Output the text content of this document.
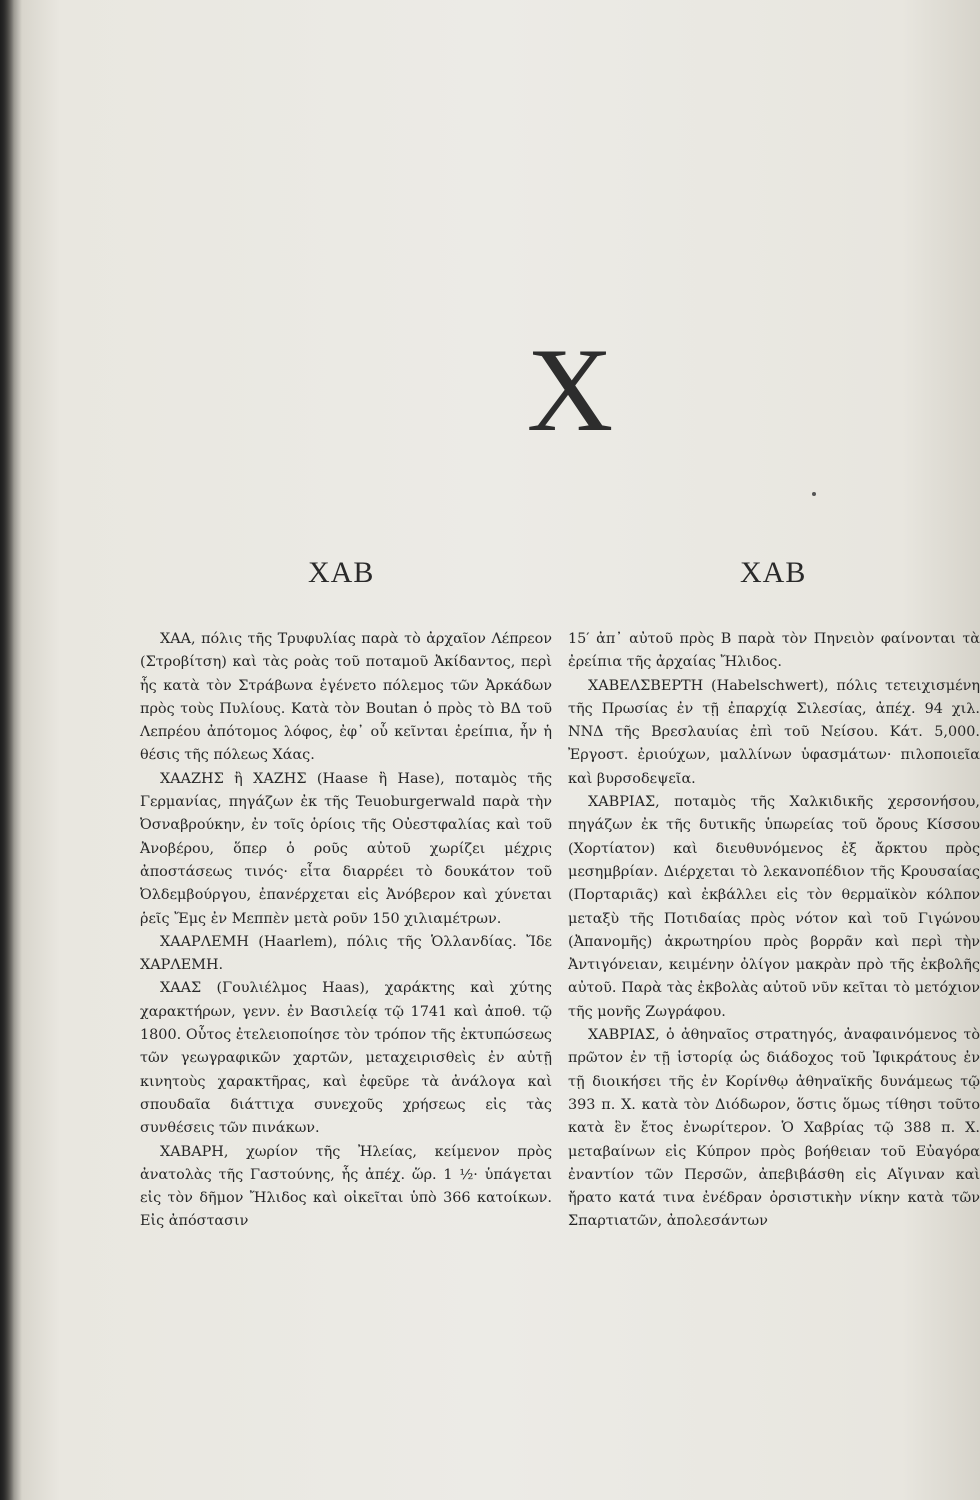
X
ΧΑΒ	ΧΑΒ

ΧΑΑ, πόλις τῆς Τρυφυλίας παρὰ τὸ ἀρχαῖον Λέπρεον (Στροβίτση) καὶ τὰς ροὰς τοῦ ποταμοῦ Ἀκίδαντος, περὶ ἧς κατὰ τὸν Στράβωνα ἐγένετο πόλεμος τῶν Ἀρκάδων πρὸς τοὺς Πυλίους. Κατὰ τὸν Boutan ὁ πρὸς τὸ ΒΔ τοῦ Λεπρέου ἀπότομος λόφος, ἐφ᾽ οὗ κεῖνται ἐρείπια, ἦν ἡ θέσις τῆς πόλεως Χάας.

ΧΑΑΖΗΣ ἢ ΧΑΖΗΣ (Haase ἢ Hase), ποταμὸς τῆς Γερμανίας, πηγάζων ἐκ τῆς Teuoburgerwald παρὰ τὴν Ὀσναβρούκην, ἐν τοῖς ὁρίοις τῆς Οὐεστφαλίας καὶ τοῦ Ἀνοβέρου, ὅπερ ὁ ροῦς αὐτοῦ χωρίζει μέχρις ἀποστάσεως τινός· εἶτα διαρρέει τὸ δουκάτον τοῦ Ὀλδεμβούργου, ἐπανέρχεται εἰς Ἀνόβερον καὶ χύνεται ῥεῖς Ἔμς ἐν Μεππὲν μετὰ ροῦν 150 χιλιαμέτρων.

ΧΑΑΡΛΕΜΗ (Haarlem), πόλις τῆς Ὁλλανδίας. Ἴδε ΧΑΡΛΕΜΗ.

ΧΑΑΣ (Γουλιέλμος Haas), χαράκτης καὶ χύτης χαρακτήρων, γενν. ἐν Βασιλείᾳ τῷ 1741 καὶ ἀποθ. τῷ 1800. Οὗτος ἐτελειοποίησε τὸν τρόπον τῆς ἐκτυπώσεως τῶν γεωγραφικῶν χαρτῶν, μεταχειρισθεὶς ἐν αὐτῇ κινητοὺς χαρακτῆρας, καὶ ἐφεῦρε τὰ ἀνάλογα καὶ σπουδαῖα διάττιχα συνεχοῦς χρήσεως εἰς τὰς συνθέσεις τῶν πινάκων.

ΧΑΒΑΡΗ, χωρίον τῆς Ἠλείας, κείμενον πρὸς ἀνατολὰς τῆς Γαστούνης, ἧς ἀπέχ. ὥρ. 1 ½· ὑπάγεται εἰς τὸν δῆμον Ἤλιδος καὶ οἰκεῖται ὑπὸ 366 κατοίκων. Εἰς ἀπόστασιν

15′ ἀπ᾽ αὐτοῦ πρὸς Β παρὰ τὸν Πηνειὸν φαίνονται τὰ ἐρείπια τῆς ἀρχαίας Ἤλιδος.

ΧΑΒΕΛΣΒΕΡΤΗ (Habelschwert), πόλις τετειχισμένη τῆς Πρωσίας ἐν τῇ ἐπαρχίᾳ Σιλεσίας, ἀπέχ. 94 χιλ. ΝΝΔ τῆς Βρεσλαυίας ἐπὶ τοῦ Νείσου. Κάτ. 5,000. Ἐργοστ. ἐριούχων, μαλλίνων ὑφασμάτων· πιλοποιεῖα καὶ βυρσοδεψεῖα.

ΧΑΒΡΙΑΣ, ποταμὸς τῆς Χαλκιδικῆς χερσονήσου, πηγάζων ἐκ τῆς δυτικῆς ὑπωρείας τοῦ ὄρους Κίσσου (Χορτίατον) καὶ διευθυνόμενος ἐξ ἄρκτου πρὸς μεσημβρίαν. Διέρχεται τὸ λεκανοπέδιον τῆς Κρουσαίας (Πορταριᾶς) καὶ ἐκβάλλει εἰς τὸν θερμαϊκὸν κόλπον μεταξὺ τῆς Ποτιδαίας πρὸς νότον καὶ τοῦ Γιγώνου (Ἀπανομῆς) ἀκρωτηρίου πρὸς βορρᾶν καὶ περὶ τὴν Ἀντιγόνειαν, κειμένην ὀλίγον μακρὰν πρὸ τῆς ἐκβολῆς αὐτοῦ. Παρὰ τὰς ἐκβολὰς αὐτοῦ νῦν κεῖται τὸ μετόχιον τῆς μονῆς Ζωγράφου.

ΧΑΒΡΙΑΣ, ὁ ἀθηναῖος στρατηγός, ἀναφαινόμενος τὸ πρῶτον ἐν τῇ ἱστορίᾳ ὡς διάδοχος τοῦ Ἰφικράτους ἐν τῇ διοικήσει τῆς ἐν Κορίνθῳ ἀθηναϊκῆς δυνάμεως τῷ 393 π. Χ. κατὰ τὸν Διόδωρον, ὅστις ὅμως τίθησι τοῦτο κατὰ ἓν ἔτος ἐνωρίτερον. Ὁ Χαβρίας τῷ 388 π. Χ. μεταβαίνων εἰς Κύπρον πρὸς βοήθειαν τοῦ Εὐαγόρα ἐναντίον τῶν Περσῶν, ἀπεβιβάσθη εἰς Αἴγιναν καὶ ἤρατο κατά τινα ἐνέδραν ὀρσιστικὴν νίκην κατὰ τῶν Σπαρτιατῶν, ἀπολεσάντων
